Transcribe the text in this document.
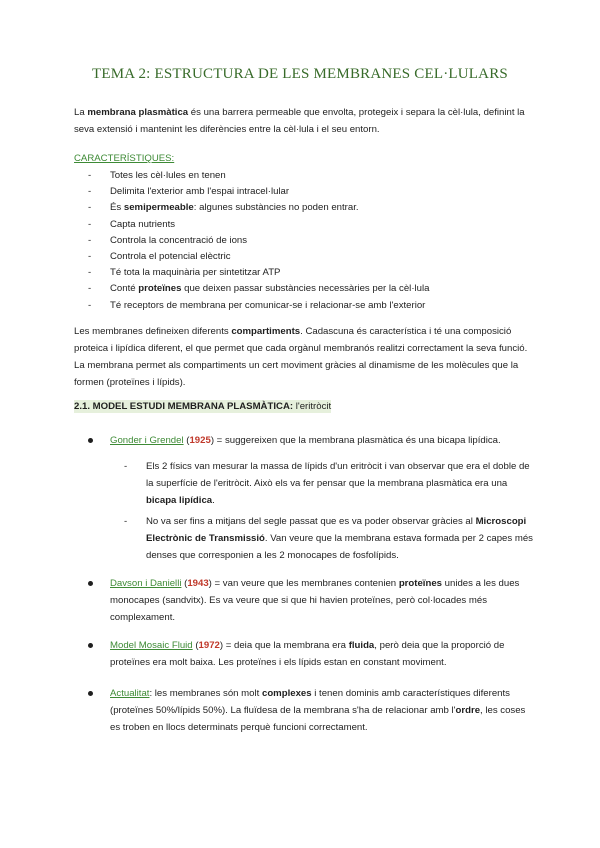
TEMA 2: ESTRUCTURA DE LES MEMBRANES CEL·LULARS

La membrana plasmàtica és una barrera permeable que envolta, protegeix i separa la cèl·lula, definint la seva extensió i mantenint les diferències entre la cèl·lula i el seu entorn.

CARACTERÍSTIQUES:

- Totes les cèl·lules en tenen
- Delimita l'exterior amb l'espai intracel·lular
- És semipermeable: algunes substàncies no poden entrar.
- Capta nutrients
- Controla la concentració de ions
- Controla el potencial elèctric
- Té tota la maquinària per sintetitzar ATP
- Conté proteïnes que deixen passar substàncies necessàries per la cèl·lula
- Té receptors de membrana per comunicar-se i relacionar-se amb l'exterior

Les membranes defineixen diferents compartiments. Cadascuna és característica i té una composició proteica i lipídica diferent, el que permet que cada orgànul membranós realitzi correctament la seva funció. La membrana permet als compartiments un cert moviment gràcies al dinamisme de les molècules que la formen (proteïnes i lípids).

2.1. MODEL ESTUDI MEMBRANA PLASMÀTICA: l'eritròcit

Gonder i Grendel (1925) = suggereixen que la membrana plasmàtica és una bicapa lipídica.
- Els 2 físics van mesurar la massa de lípids d'un eritròcit i van observar que era el doble de la superfície de l'eritròcit. Això els va fer pensar que la membrana plasmàtica era una bicapa lipídica.
- No va ser fins a mitjans del segle passat que es va poder observar gràcies al Microscopi Electrònic de Transmissió. Van veure que la membrana estava formada per 2 capes més denses que corresponien a les 2 monocapes de fosfolípids.
Davson i Danielli (1943) = van veure que les membranes contenien proteïnes unides a les dues monocapes (sandvitx). Es va veure que si que hi havien proteïnes, però col·locades més complexament.
Model Mosaic Fluid (1972) = deia que la membrana era fluida, però deia que la proporció de proteïnes era molt baixa. Les proteïnes i els lípids estan en constant moviment.
Actualitat: les membranes són molt complexes i tenen dominis amb característiques diferents (proteïnes 50%/lípids 50%). La fluïdesa de la membrana s'ha de relacionar amb l'ordre, les coses es troben en llocs determinats perquè funcioni correctament.
